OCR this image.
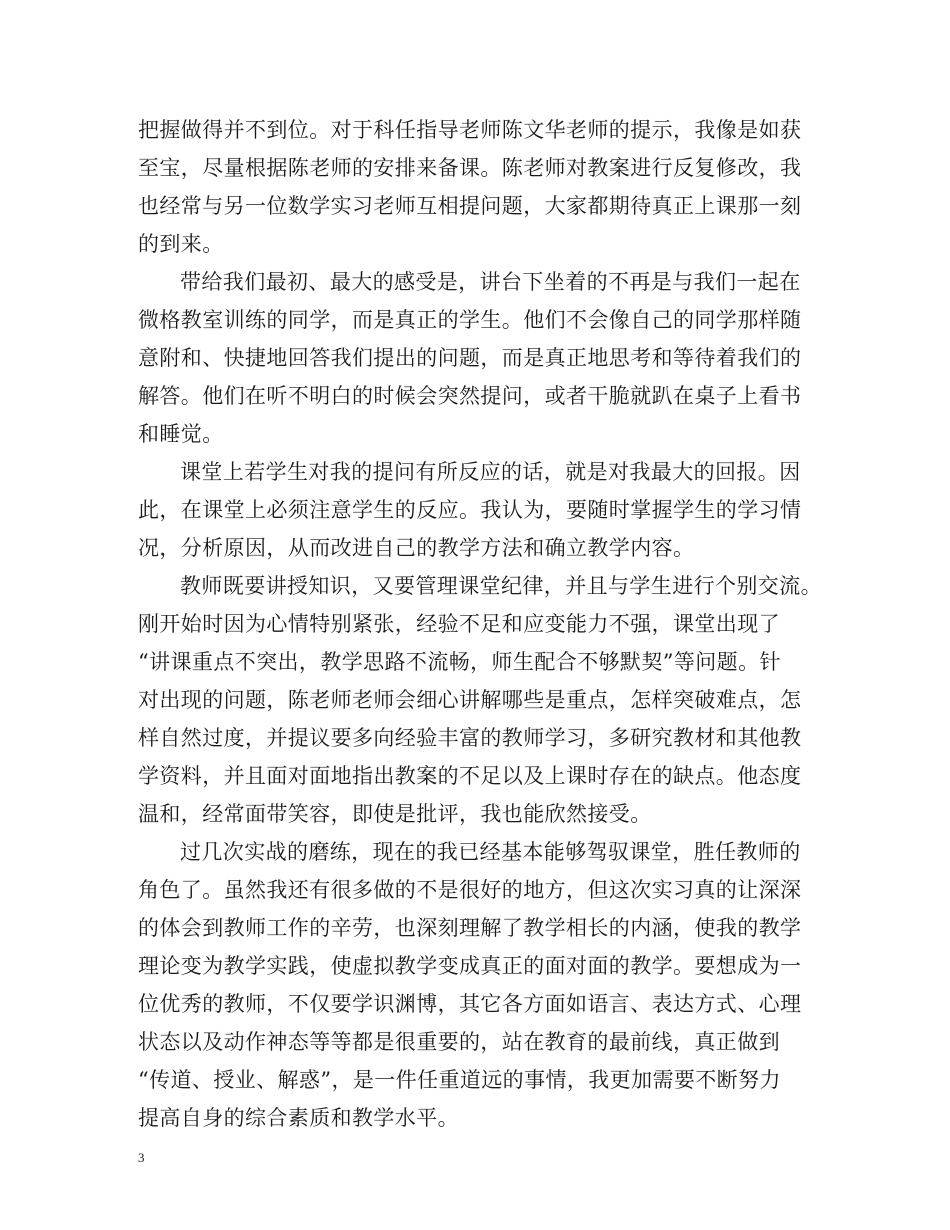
把握做得并不到位。对于科任指导老师陈文华老师的提示，我像是如获
至宝，尽量根据陈老师的安排来备课。陈老师对教案进行反复修改，我
也经常与另一位数学实习老师互相提问题，大家都期待真正上课那一刻
的到来。
带给我们最初、最大的感受是，讲台下坐着的不再是与我们一起在
微格教室训练的同学，而是真正的学生。他们不会像自己的同学那样随
意附和、快捷地回答我们提出的问题，而是真正地思考和等待着我们的
解答。他们在听不明白的时候会突然提问，或者干脆就趴在桌子上看书
和睡觉。
课堂上若学生对我的提问有所反应的话，就是对我最大的回报。因
此，在课堂上必须注意学生的反应。我认为，要随时掌握学生的学习情
况，分析原因，从而改进自己的教学方法和确立教学内容。
教师既要讲授知识，又要管理课堂纪律，并且与学生进行个别交流。
刚开始时因为心情特别紧张，经验不足和应变能力不强，课堂出现了
“讲课重点不突出，教学思路不流畅，师生配合不够默契”等问题。针
对出现的问题，陈老师老师会细心讲解哪些是重点，怎样突破难点，怎
样自然过度，并提议要多向经验丰富的教师学习，多研究教材和其他教
学资料，并且面对面地指出教案的不足以及上课时存在的缺点。他态度
温和，经常面带笑容，即使是批评，我也能欣然接受。
过几次实战的磨练，现在的我已经基本能够驾驭课堂，胜任教师的
角色了。虽然我还有很多做的不是很好的地方，但这次实习真的让深深
的体会到教师工作的辛劳，也深刻理解了教学相长的内涵，使我的教学
理论变为教学实践，使虚拟教学变成真正的面对面的教学。要想成为一
位优秀的教师，不仅要学识渊博，其它各方面如语言、表达方式、心理
状态以及动作神态等等都是很重要的，站在教育的最前线，真正做到
“传道、授业、解惑”，是一件任重道远的事情，我更加需要不断努力
提高自身的综合素质和教学水平。
3
